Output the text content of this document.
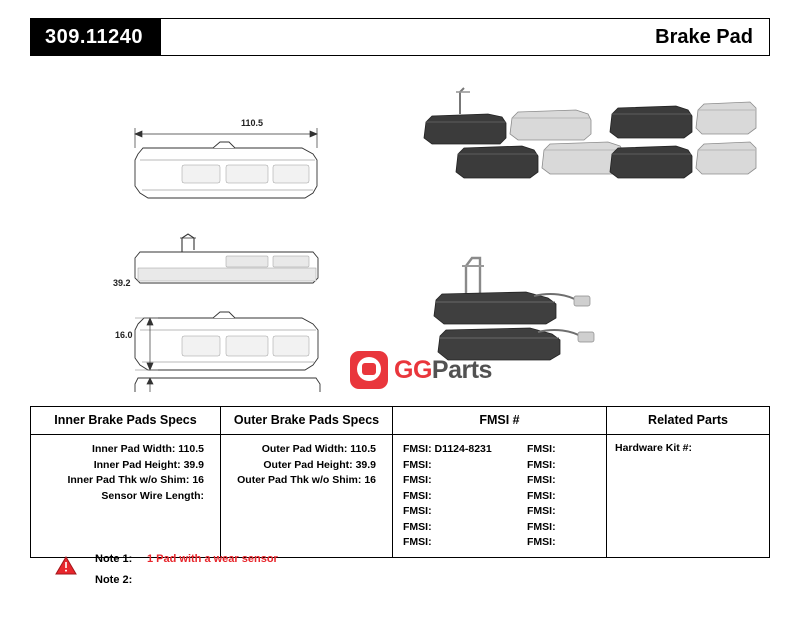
309.11240	Brake Pad
110.5
39.2
16.0
GGParts
Inner Brake Pads Specs	Outer Brake Pads Specs	FMSI #	Related Parts
Inner Pad Width: 110.5
Inner Pad Height: 39.9
Inner Pad Thk w/o Shim: 16
Sensor Wire Length:
Outer Pad Width: 110.5
Outer Pad Height: 39.9
Outer Pad Thk w/o Shim: 16
FMSI: D1124-8231	FMSI:
FMSI:	FMSI:
FMSI:	FMSI:
FMSI:	FMSI:
FMSI:	FMSI:
FMSI:	FMSI:
FMSI:	FMSI:
Hardware Kit #:
Note 1:	1 Pad with a wear sensor
Note 2:
